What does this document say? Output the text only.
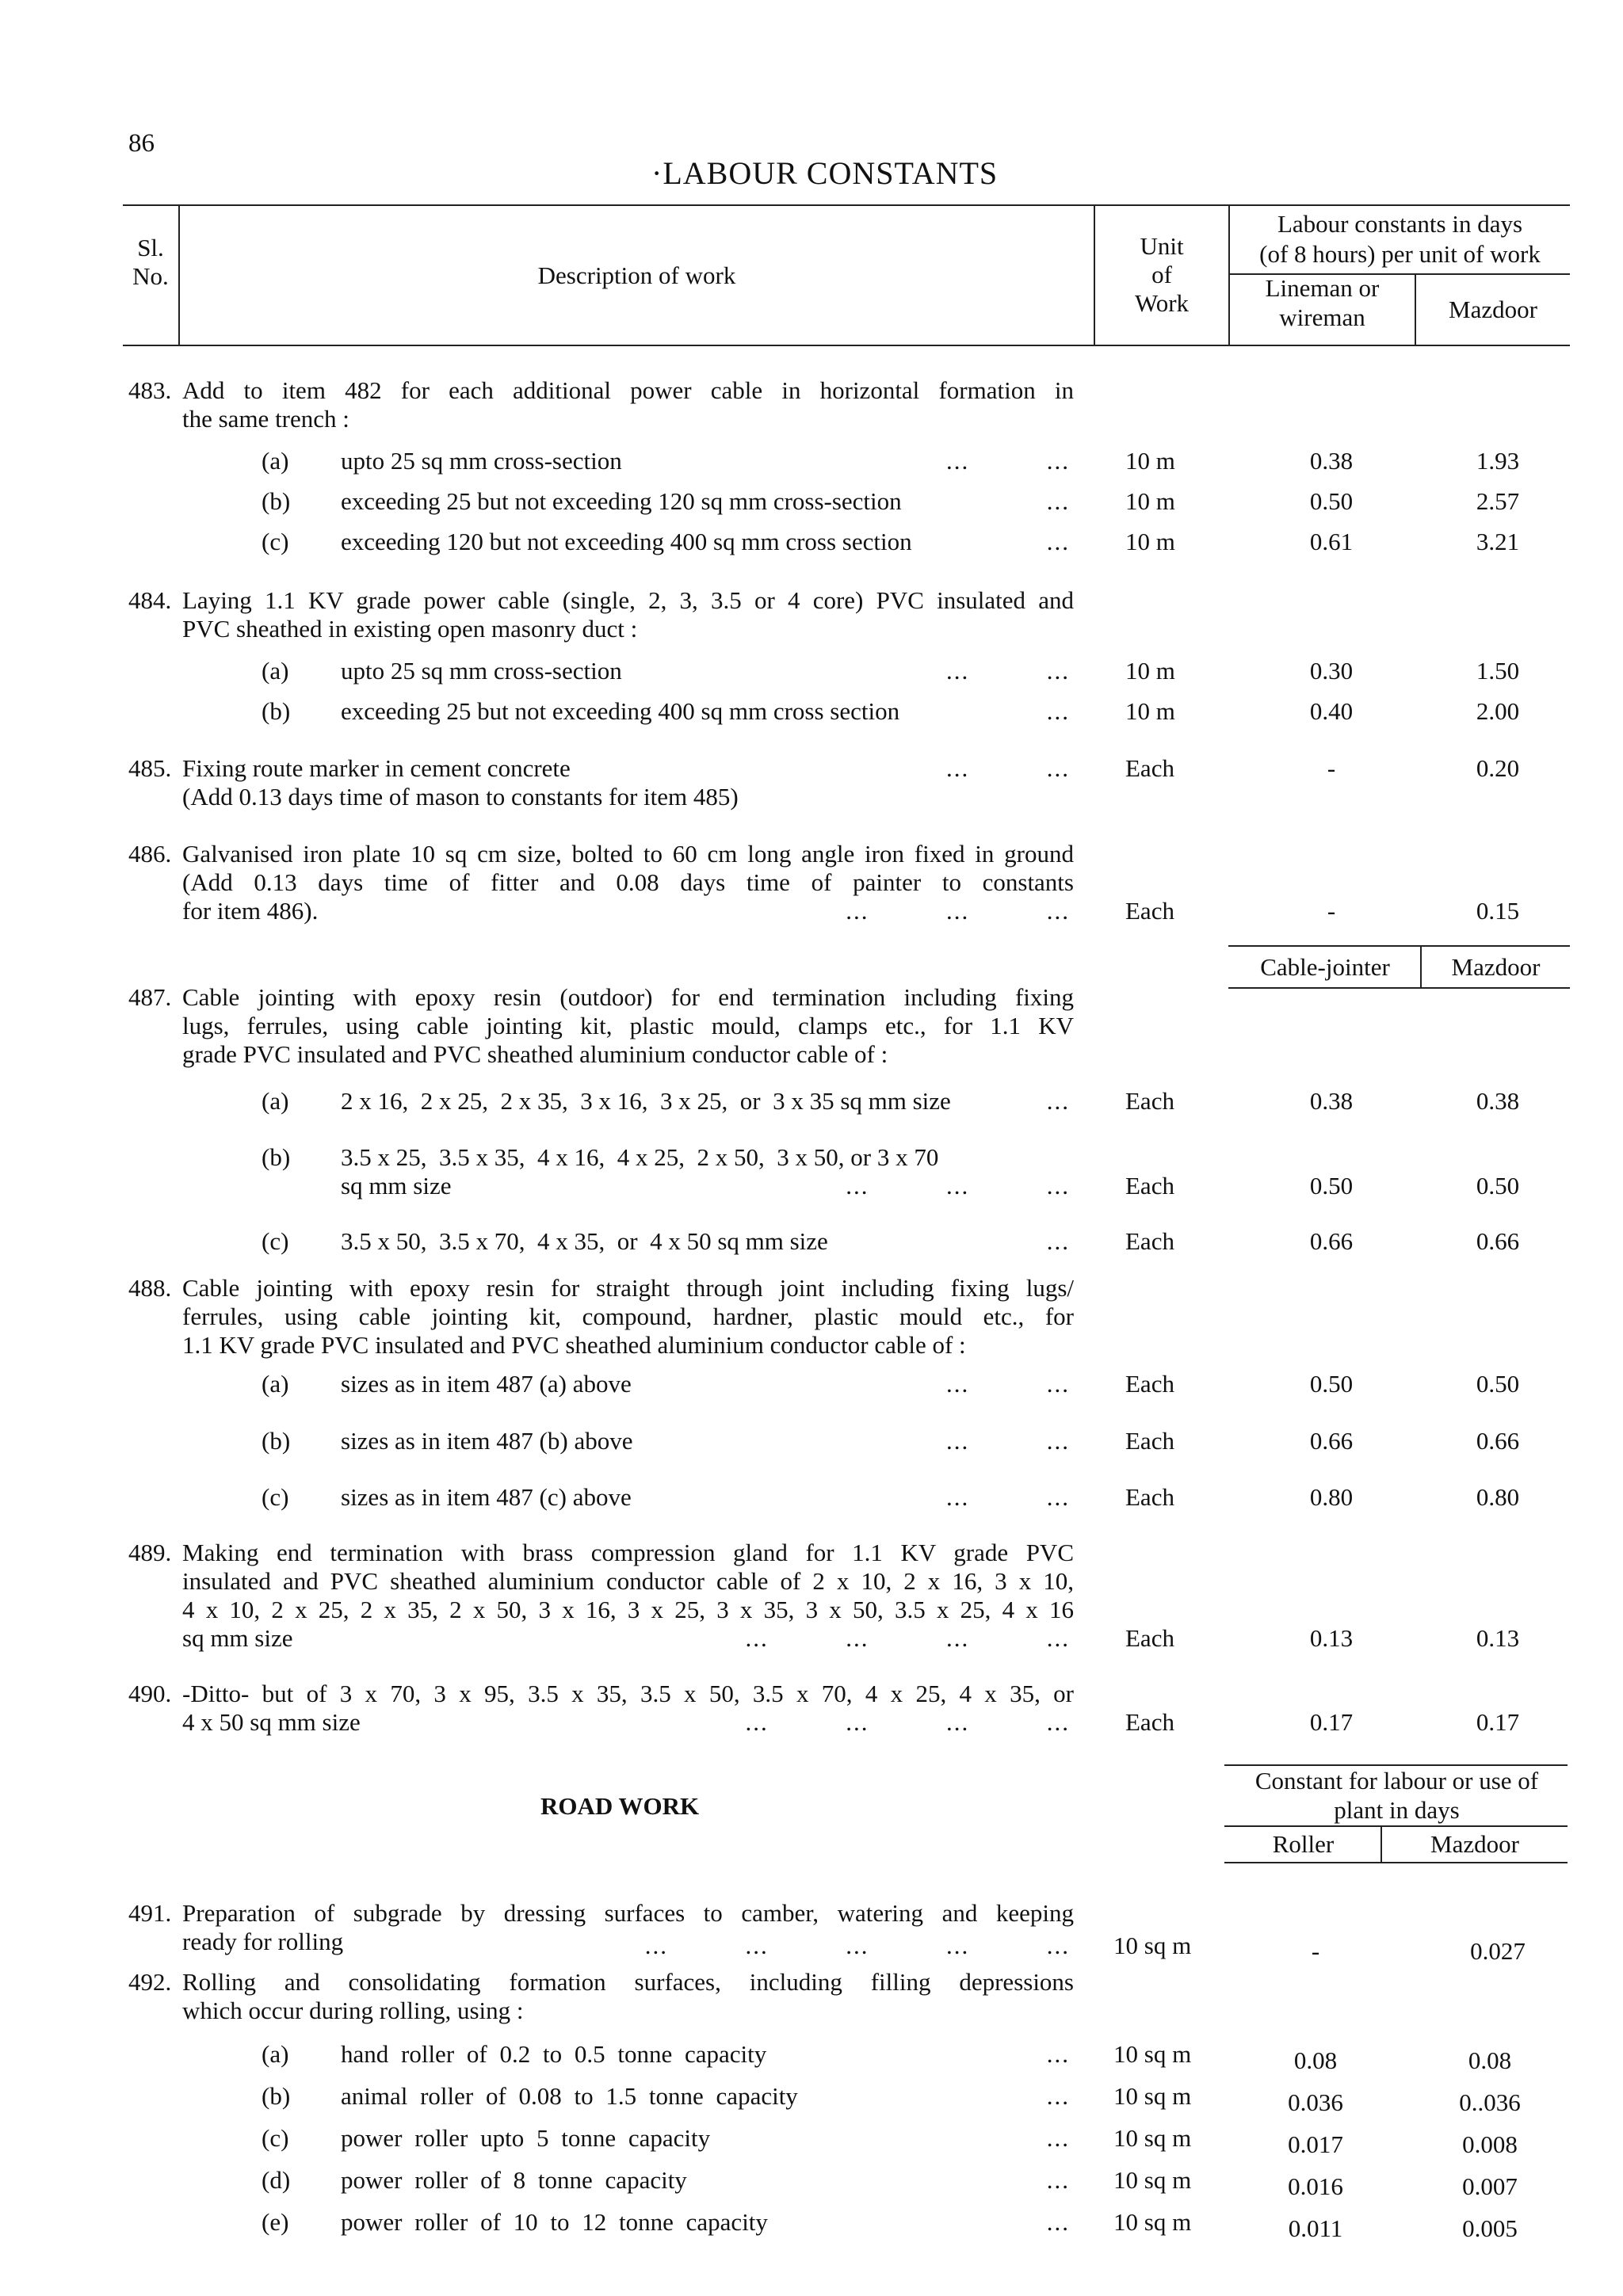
86
·LABOUR CONSTANTS
Sl.
No.	Description of work
Unit
of
Work
Labour constants in days
(of 8 hours) per unit of work
Lineman or
wireman	Mazdoor
483. Add to item 482 for each additional power cable in horizontal formation in
the same trench :
(a) upto 25 sq mm cross-section	...          ... 10 m	0.38	1.93
(b) exceeding 25 but not exceeding 120 sq mm cross-section	... 10 m	0.50	2.57
(c) exceeding 120 but not exceeding 400 sq mm cross section	... 10 m	0.61	3.21
484. Laying 1.1 KV grade power cable (single, 2, 3, 3.5 or 4 core) PVC insulated and
PVC sheathed in existing open masonry duct :
(a) upto 25 sq mm cross-section	...          ... 10 m	0.30	1.50
(b) exceeding 25 but not exceeding 400 sq mm cross section	... 10 m	0.40	2.00
485. Fixing route marker in cement concrete
(Add 0.13 days time of mason to constants for item 485)
...          ... Each	-	0.20
486. Galvanised iron plate 10 sq cm size, bolted to 60 cm long angle iron fixed in ground
(Add 0.13 days time of fitter and 0.08 days time of painter to constants
for item 486).	...          ...          ... Each	-	0.15
Cable-jointer	Mazdoor
487. Cable jointing with epoxy resin (outdoor) for end termination including fixing
lugs, ferrules, using cable jointing kit, plastic mould, clamps etc., for 1.1 KV
grade PVC insulated and PVC sheathed aluminium conductor cable of :
(a) 2 x 16,  2 x 25,  2 x 35,  3 x 16,  3 x 25,  or  3 x 35 sq mm size	... Each	0.38	0.38
(b) 3.5 x 25,  3.5 x 35,  4 x 16,  4 x 25,  2 x 50,  3 x 50, or 3 x 70
sq mm size	...          ...          ... Each	0.50	0.50
(c) 3.5 x 50,  3.5 x 70,  4 x 35,  or  4 x 50 sq mm size	... Each	0.66	0.66
488. Cable jointing with epoxy resin for straight through joint including fixing lugs/
ferrules, using cable jointing kit, compound, hardner, plastic mould etc., for
1.1 KV grade PVC insulated and PVC sheathed aluminium conductor cable of :
(a) sizes as in item 487 (a) above	...          ... Each	0.50	0.50
(b) sizes as in item 487 (b) above	...          ... Each	0.66	0.66
(c) sizes as in item 487 (c) above	...          ... Each	0.80	0.80
489. Making end termination with brass compression gland for 1.1 KV grade PVC
insulated and PVC sheathed aluminium conductor cable of 2 x 10, 2 x 16, 3 x 10,
4 x 10, 2 x 25, 2 x 35, 2 x 50, 3 x 16, 3 x 25, 3 x 35, 3 x 50, 3.5 x 25, 4 x 16
sq mm size	...          ...          ...          ... Each	0.13	0.13
490. -Ditto- but of 3 x 70, 3 x 95, 3.5 x 35, 3.5 x 50, 3.5 x 70, 4 x 25, 4 x 35, or
4 x 50 sq mm size	...          ...          ...          ... Each	0.17	0.17
ROAD WORK
Constant for labour or use of
plant in days
Roller	Mazdoor
491. Preparation of subgrade by dressing surfaces to camber, watering and keeping
ready for rolling	...          ...          ...          ...          ... 10 sq m	-	0.027
492. Rolling and consolidating formation surfaces, including filling depressions
which occur during rolling, using :
(a) hand roller of 0.2 to 0.5 tonne capacity	... 10 sq m	0.08	0.08
(b) animal roller of 0.08 to 1.5 tonne capacity	... 10 sq m	0.036	0..036
(c) power roller upto 5 tonne capacity	... 10 sq m	0.017	0.008
(d) power roller of 8 tonne capacity	... 10 sq m	0.016	0.007
(e) power roller of 10 to 12 tonne capacity	... 10 sq m	0.011	0.005
